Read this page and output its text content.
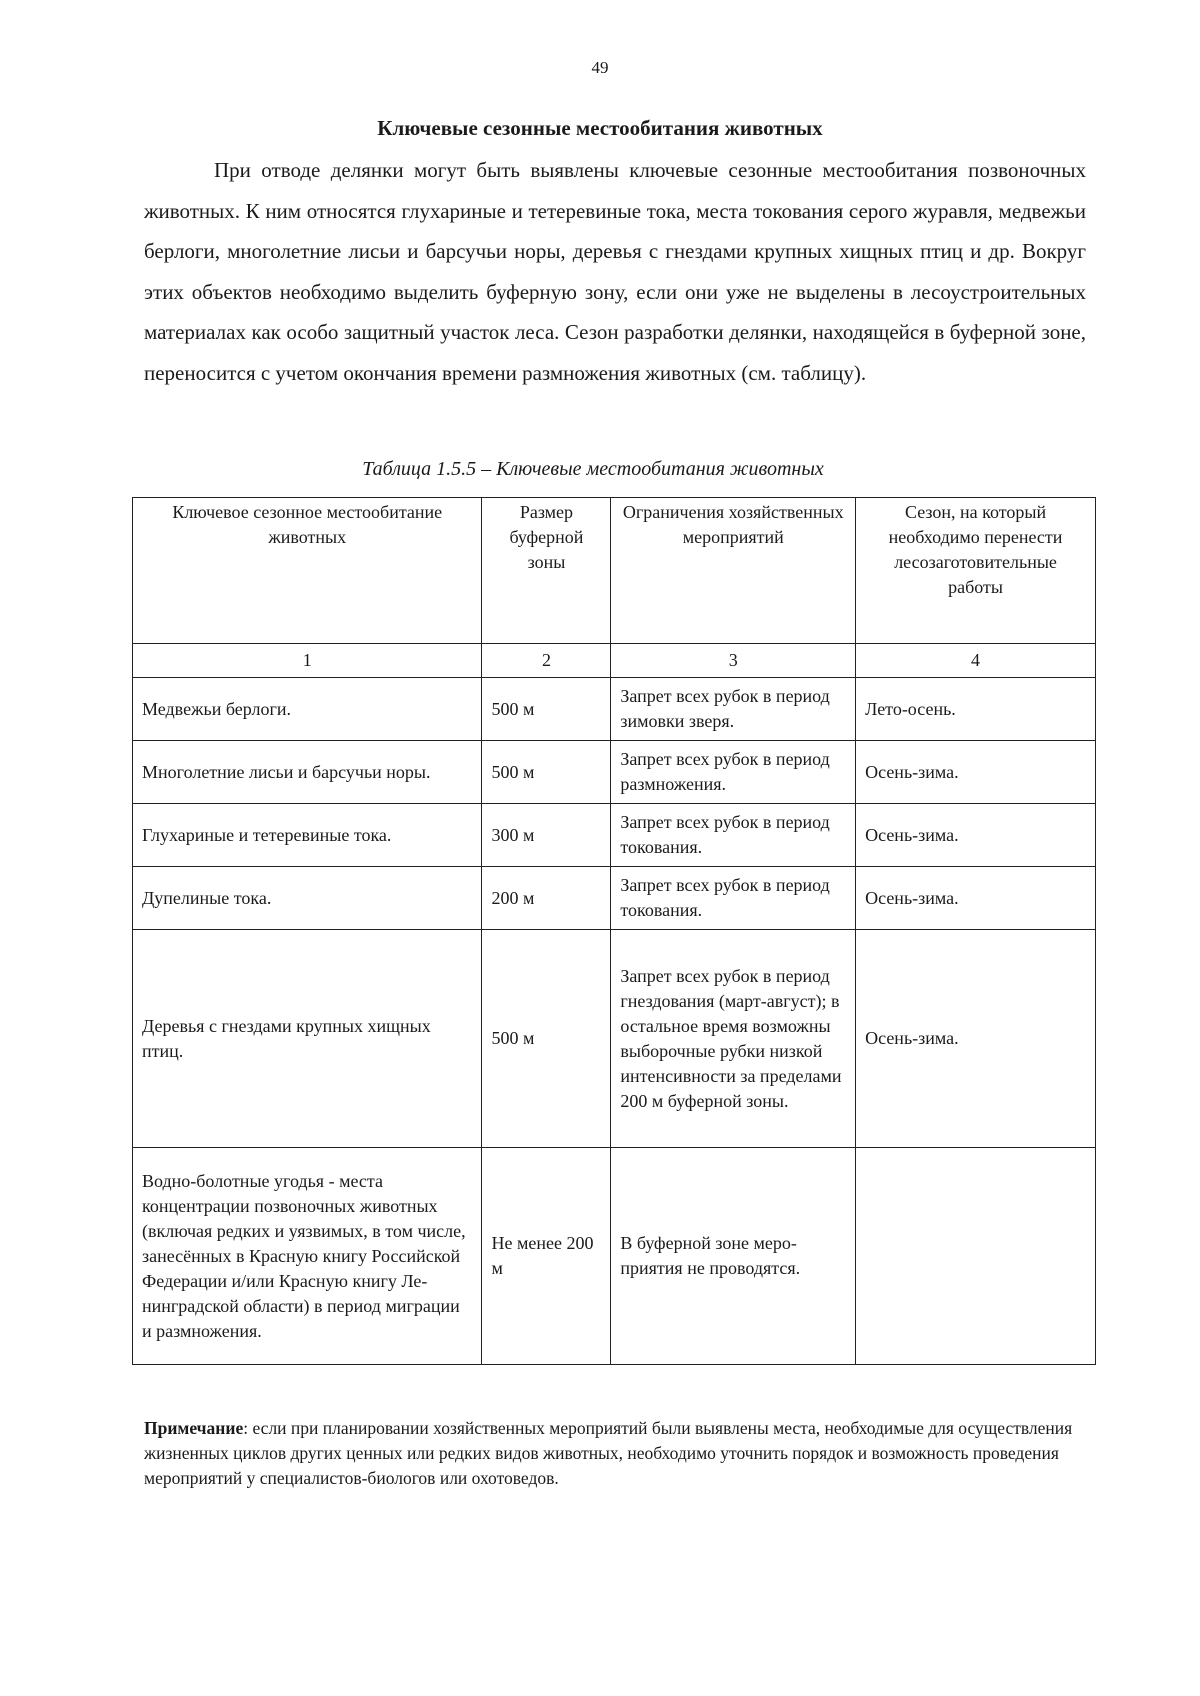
49
Ключевые сезонные местообитания животных

При отводе делянки могут быть выявлены ключевые сезонные местообитания позвоночных животных. К ним относятся глухариные и тетеревиные тока, места токования серого журавля, медвежьи берлоги, многолетние лисьи и барсучьи норы, деревья с гнездами крупных хищных птиц и др. Вокруг этих объектов необходимо выделить буферную зону, если они уже не выделены в лесоустроительных материалах как особо защитный участок леса. Сезон разработки делянки, находящейся в буферной зоне, переносится с учетом окончания времени размножения животных (см. таблицу).

Таблица 1.5.5 – Ключевые местообитания животных
Ключевое сезонное местообитание животных	Размер буферной зоны	Ограничения хозяйственных мероприятий	Сезон, на который необходимо перенести лесозаготовительные работы
1	2	3	4
Медвежьи берлоги.	500 м	Запрет всех рубок в период зимовки зверя.	Лето-осень.
Многолетние лисьи и барсучьи норы.	500 м	Запрет всех рубок в период размножения.	Осень-зима.
Глухариные и тетеревиные тока.	300 м	Запрет всех рубок в период токования.	Осень-зима.
Дупелиные тока.	200 м	Запрет всех рубок в период токования.	Осень-зима.
Деревья с гнездами крупных хищных птиц.	500 м	Запрет всех рубок в период гнездования (март-август); в остальное время возможны выборочные рубки низкой интенсивности за пределами 200 м буферной зоны.	Осень-зима.
Водно-болотные угодья - места концентрации позвоночных животных (включая редких и уязвимых, в том числе, занесённых в Красную книгу Российской Федерации и/или Красную книгу Ленинградской области) в период миграции и размножения.	Не менее 200 м	В буферной зоне мероприятия не проводятся.	

Примечание: если при планировании хозяйственных мероприятий были выявлены места, необходимые для осуществления жизненных циклов других ценных или редких видов животных, необходимо уточнить порядок и возможность проведения мероприятий у специалистов-биологов или охотоведов.
